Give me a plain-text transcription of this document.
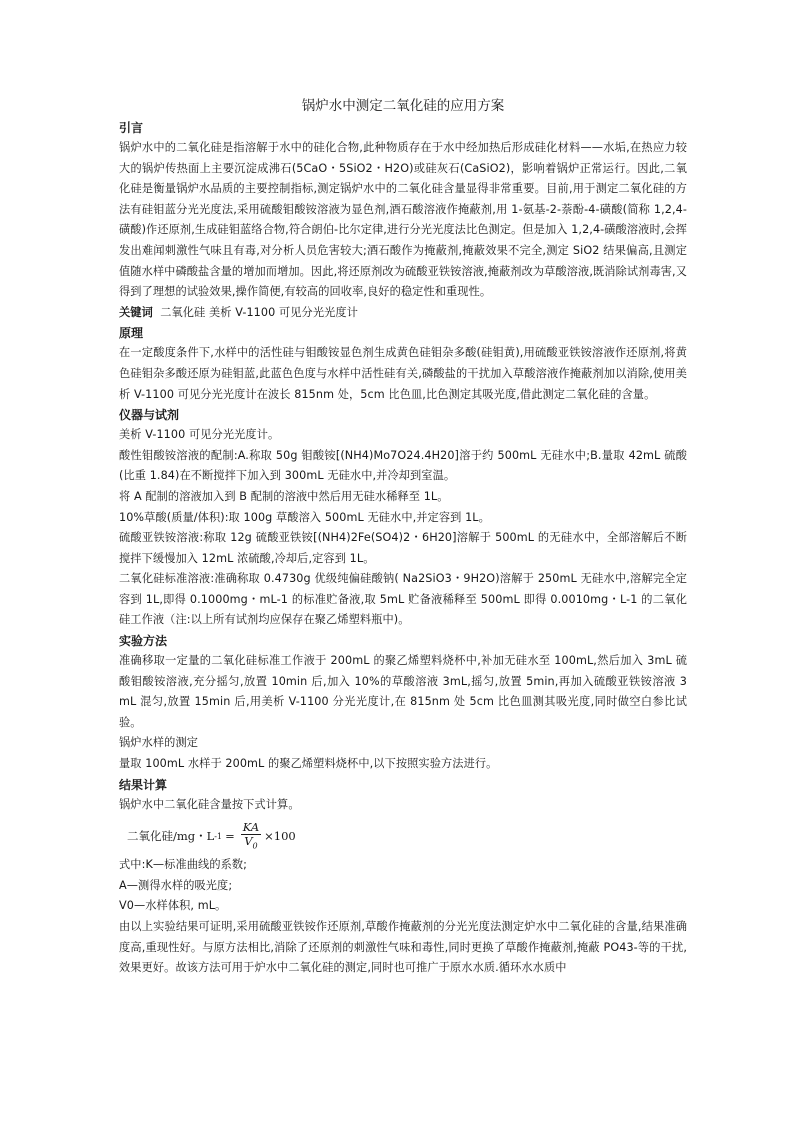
锅炉水中测定二氧化硅的应用方案
引言

锅炉水中的二氧化硅是指溶解于水中的硅化合物,此种物质存在于水中经加热后形成硅化材料——水垢,在热应力较大的锅炉传热面上主要沉淀成沸石(5CaO・5SiO2・H2O)或硅灰石(CaSiO2)，影响着锅炉正常运行。因此,二氧化硅是衡量锅炉水品质的主要控制指标,测定锅炉水中的二氧化硅含量显得非常重要。目前,用于测定二氧化硅的方法有硅钼蓝分光光度法,采用硫酸钼酸铵溶液为显色剂,酒石酸溶液作掩蔽剂,用 1-氨基-2-萘酚-4-磺酸(简称 1,2,4-磺酸)作还原剂,生成硅钼蓝络合物,符合朗伯-比尔定律,进行分光光度法比色测定。但是加入 1,2,4-磺酸溶液时,会挥发出难闻刺激性气味且有毒,对分析人员危害较大;酒石酸作为掩蔽剂,掩蔽效果不完全,测定 SiO2 结果偏高,且测定值随水样中磷酸盐含量的增加而增加。因此,将还原剂改为硫酸亚铁铵溶液,掩蔽剂改为草酸溶液,既消除试剂毒害,又得到了理想的试验效果,操作简便,有较高的回收率,良好的稳定性和重现性。

关键词 二氧化硅 美析 V-1100 可见分光光度计

原理

在一定酸度条件下,水样中的活性硅与钼酸铵显色剂生成黄色硅钼杂多酸(硅钼黄),用硫酸亚铁铵溶液作还原剂,将黄色硅钼杂多酸还原为硅钼蓝,此蓝色色度与水样中活性硅有关,磷酸盐的干扰加入草酸溶液作掩蔽剂加以消除,使用美析 V-1100 可见分光光度计在波长 815nm 处，5cm 比色皿,比色测定其吸光度,借此测定二氧化硅的含量。

仪器与试剂

美析 V-1100 可见分光光度计。

酸性钼酸铵溶液的配制:A.称取 50g 钼酸铵[(NH4)Mo7O24.4H20]溶于约 500mL 无硅水中;B.量取 42mL 硫酸(比重 1.84)在不断搅拌下加入到 300mL 无硅水中,并冷却到室温。

将 A 配制的溶液加入到 B 配制的溶液中然后用无硅水稀释至 1L。

10%草酸(质量/体积):取 100g 草酸溶入 500mL 无硅水中,并定容到 1L。

硫酸亚铁铵溶液:称取 12g 硫酸亚铁铵[(NH4)2Fe(SO4)2・6H20]溶解于 500mL 的无硅水中，全部溶解后不断搅拌下缓慢加入 12mL 浓硫酸,冷却后,定容到 1L。

二氧化硅标准溶液:准确称取 0.4730g 优级纯偏硅酸钠( Na2SiO3・9H2O)溶解于 250mL 无硅水中,溶解完全定容到 1L,即得 0.1000mg・mL-1 的标准贮备液,取 5mL 贮备液稀释至 500mL 即得 0.0010mg・L-1 的二氧化硅工作液（注:以上所有试剂均应保存在聚乙烯塑料瓶中)。

实验方法

准确移取一定量的二氧化硅标准工作液于 200mL 的聚乙烯塑料烧杯中,补加无硅水至 100mL,然后加入 3mL 硫酸钼酸铵溶液,充分摇匀,放置 10min 后,加入 10%的草酸溶液 3mL,摇匀,放置 5min,再加入硫酸亚铁铵溶液 3 mL 混匀,放置 15min 后,用美析 V-1100 分光光度计,在 815nm 处 5cm 比色皿测其吸光度,同时做空白参比试验。

锅炉水样的测定

量取 100mL 水样于 200mL 的聚乙烯塑料烧杯中,以下按照实验方法进行。

结果计算

锅炉水中二氧化硅含量按下式计算。

二氧化硅/mg・L $-1 = \frac{KA}{V_0} \times 100$

式中:K—标准曲线的系数;

A—测得水样的吸光度;

V0—水样体积, mL。

由以上实验结果可证明,采用硫酸亚铁铵作还原剂,草酸作掩蔽剂的分光光度法测定炉水中二氧化硅的含量,结果准确度高,重现性好。与原方法相比,消除了还原剂的刺激性气味和毒性,同时更换了草酸作掩蔽剂,掩蔽 PO43-等的干扰,效果更好。故该方法可用于炉水中二氧化硅的测定,同时也可推广于原水水质.循环水水质中
